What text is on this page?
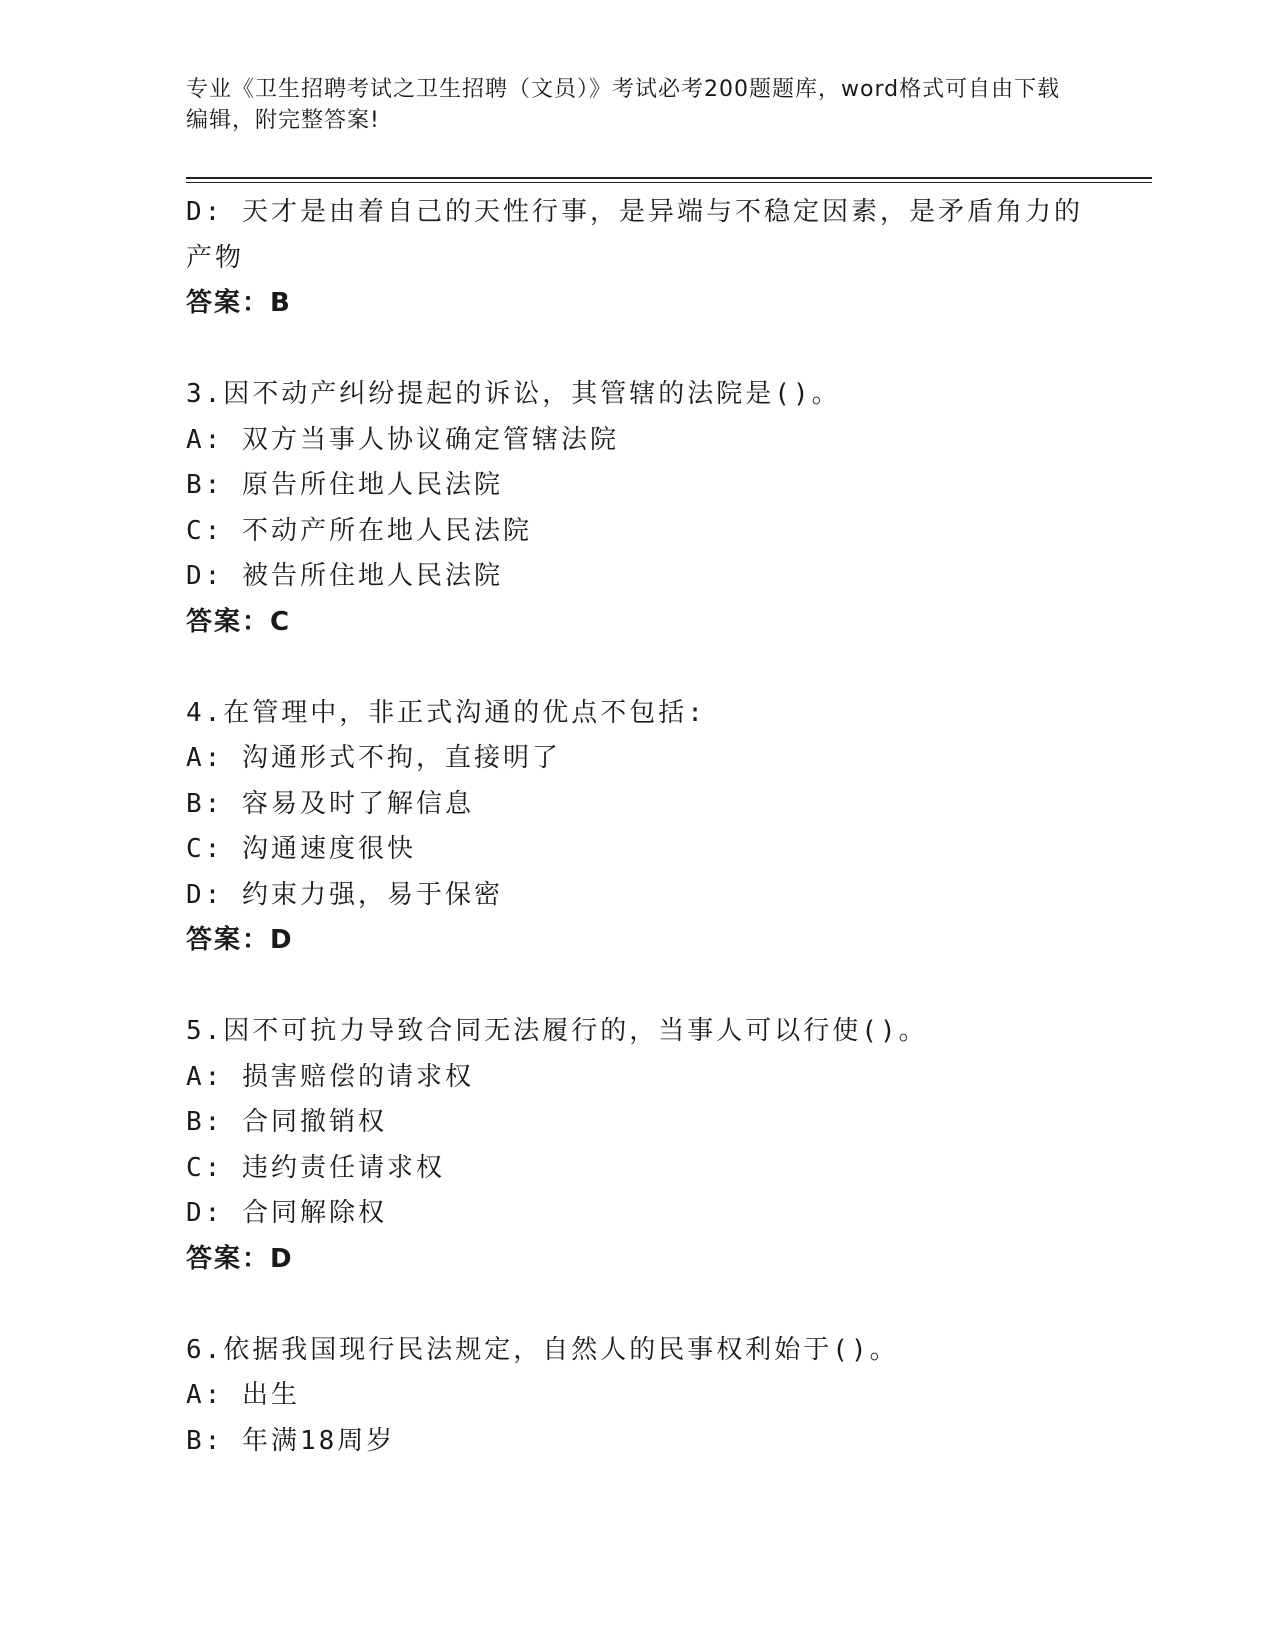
专业《卫生招聘考试之卫生招聘（文员）》考试必考200题题库，word格式可自由下载编辑，附完整答案!
D: 天才是由着自己的天性行事，是异端与不稳定因素，是矛盾角力的
产物
答案：B
3.因不动产纠纷提起的诉讼，其管辖的法院是()。
A: 双方当事人协议确定管辖法院
B: 原告所住地人民法院
C: 不动产所在地人民法院
D: 被告所住地人民法院
答案：C
4.在管理中，非正式沟通的优点不包括:
A: 沟通形式不拘，直接明了
B: 容易及时了解信息
C: 沟通速度很快
D: 约束力强，易于保密
答案：D
5.因不可抗力导致合同无法履行的，当事人可以行使()。
A: 损害赔偿的请求权
B: 合同撤销权
C: 违约责任请求权
D: 合同解除权
答案：D
6.依据我国现行民法规定，自然人的民事权利始于()。
A: 出生
B: 年满18周岁
